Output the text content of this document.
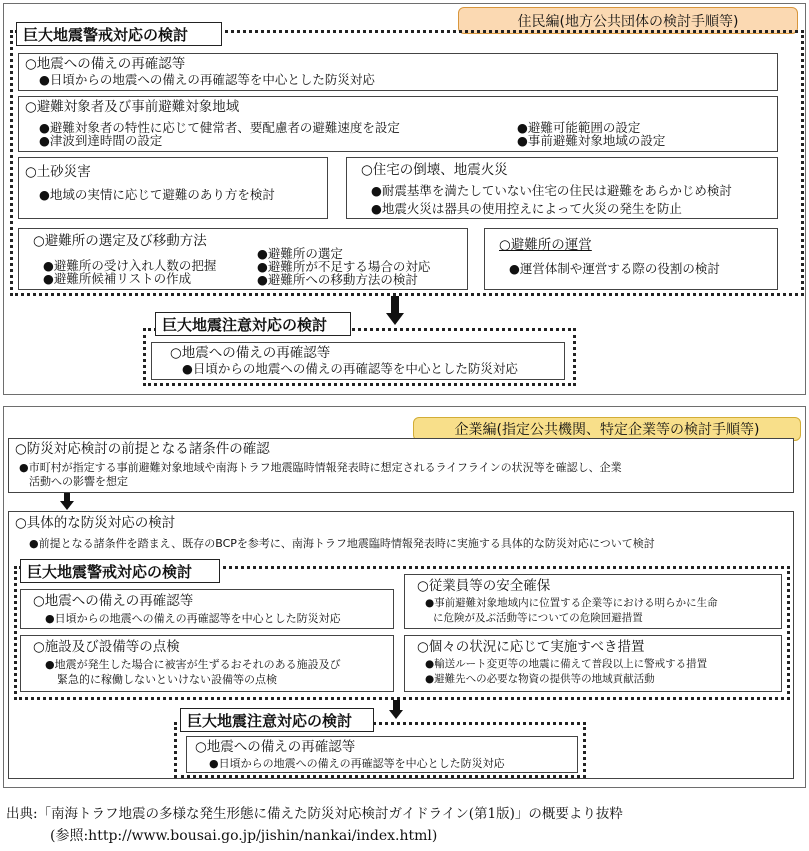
住民編(地方公共団体の検討手順等)
巨大地震警戒対応の検討
○地震への備えの再確認等
●日頃からの地震への備えの再確認等を中心とした防災対応
○避難対象者及び事前避難対象地域
●避難対象者の特性に応じて健常者、要配慮者の避難速度を設定
●津波到達時間の設定
●避難可能範囲の設定
●事前避難対象地域の設定
○土砂災害
●地域の実情に応じて避難のあり方を検討
○住宅の倒壊、地震火災
●耐震基準を満たしていない住宅の住民は避難をあらかじめ検討
●地震火災は器具の使用控えによって火災の発生を防止
○避難所の選定及び移動方法
●避難所の受け入れ人数の把握
●避難所候補リストの作成
●避難所の選定
●避難所が不足する場合の対応
●避難所への移動方法の検討
○避難所の運営
●運営体制や運営する際の役割の検討
巨大地震注意対応の検討
○地震への備えの再確認等
●日頃からの地震への備えの再確認等を中心とした防災対応
企業編(指定公共機関、特定企業等の検討手順等)
○防災対応検討の前提となる諸条件の確認
●市町村が指定する事前避難対象地域や南海トラフ地震臨時情報発表時に想定されるライフラインの状況等を確認し、企業
活動への影響を想定
○具体的な防災対応の検討
●前提となる諸条件を踏まえ、既存のBCPを参考に、南海トラフ地震臨時情報発表時に実施する具体的な防災対応について検討
巨大地震警戒対応の検討
○地震への備えの再確認等
●日頃からの地震への備えの再確認等を中心とした防災対応
○施設及び設備等の点検
●地震が発生した場合に被害が生ずるおそれのある施設及び
緊急的に稼働しないといけない設備等の点検
○従業員等の安全確保
●事前避難対象地域内に位置する企業等における明らかに生命
に危険が及ぶ活動等についての危険回避措置
○個々の状況に応じて実施すべき措置
●輸送ルート変更等の地震に備えて普段以上に警戒する措置
●避難先への必要な物資の提供等の地域貢献活動
巨大地震注意対応の検討
○地震への備えの再確認等
●日頃からの地震への備えの再確認等を中心とした防災対応
出典:「南海トラフ地震の多様な発生形態に備えた防災対応検討ガイドライン(第1版)」の概要より抜粋
(参照:http://www.bousai.go.jp/jishin/nankai/index.html)
